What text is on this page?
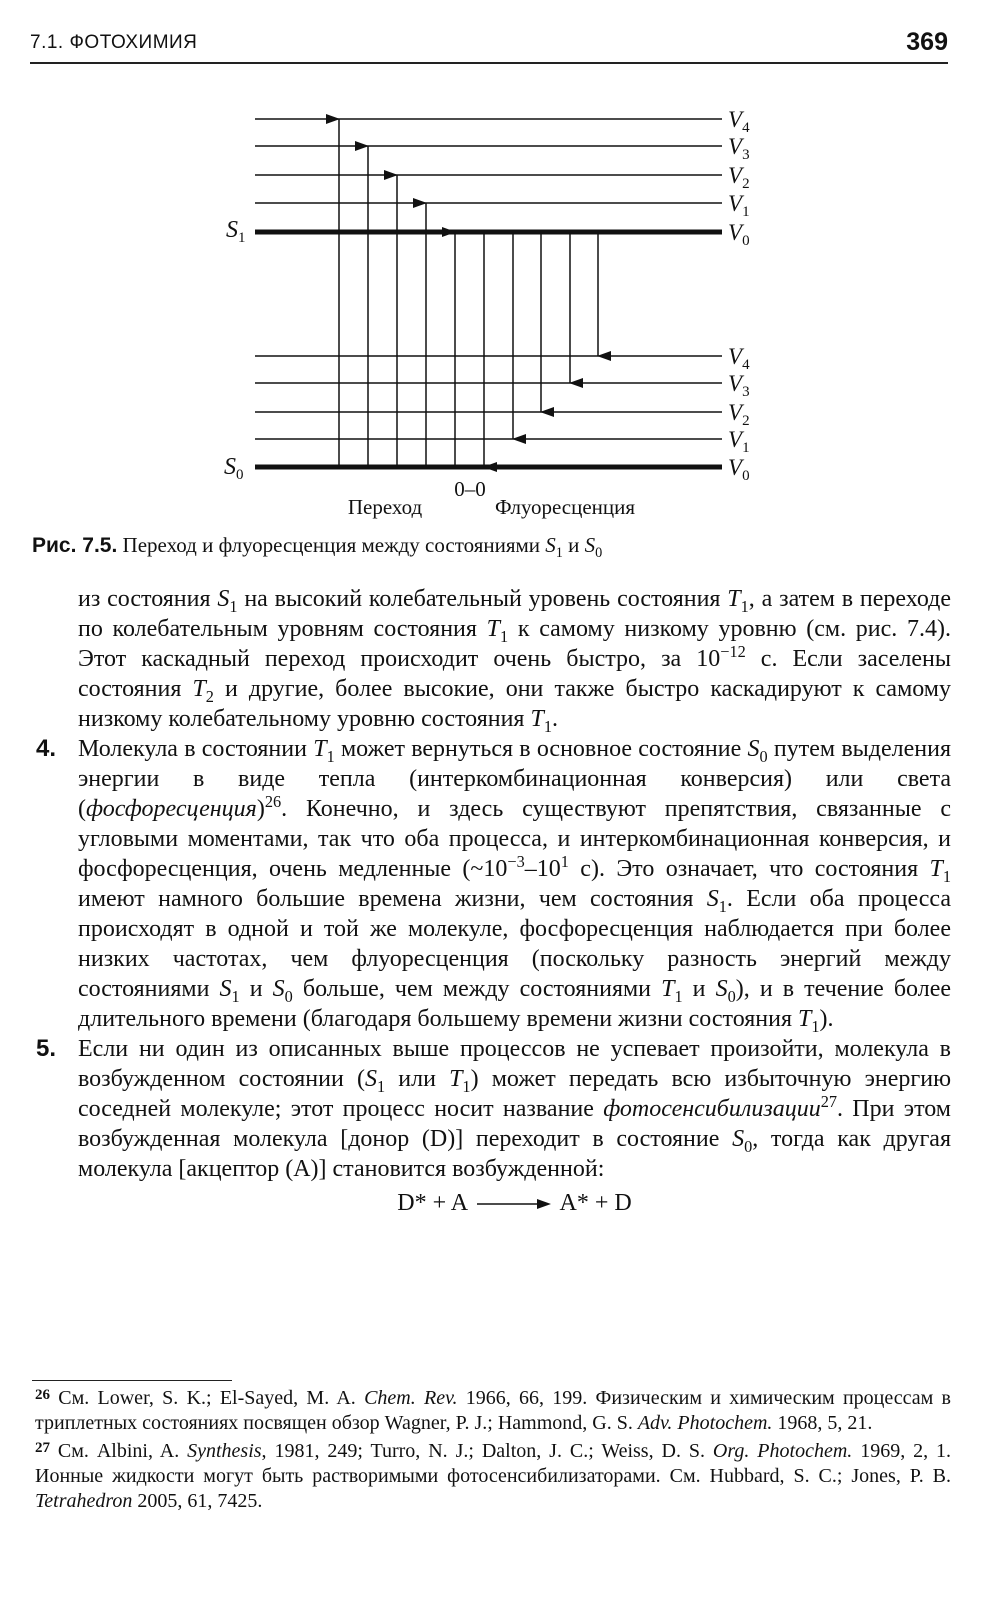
7.1. ФОТОХИМИЯ	369
$V_4$
$V_3$
$V_2$
$V_1$
$V_0$
$V_4$
$V_3$
$V_2$
$V_1$
$V_0$
$S_1$
$S_0$
0–0
Переход	Флуоресценция
Рис. 7.5. Переход и флуоресценция между состояниями $S_1$ и $S_0$

из состояния $S_1$ на высокий колебательный уровень состояния $T_1$, а затем в переходе по колебательным уровням состояния $T_1$ к самому низкому уровню (см. рис. 7.4). Этот каскадный переход происходит очень быстро, за $10^{-12}$ с. Если заселены состояния $T_2$ и другие, более высокие, они также быстро каскадируют к самому низкому колебательному уровню состояния $T_1$.

4. Молекула в состоянии $T_1$ может вернуться в основное состояние $S_0$ путем выделения энергии в виде тепла (интеркомбинационная конверсия) или света (фосфоресценция)$^{26}$. Конечно, и здесь существуют препятствия, связанные с угловыми моментами, так что оба процесса, и интеркомбинационная конверсия, и фосфоресценция, очень медленные ($\sim 10^{-3}-10^1$ с). Это означает, что состояния $T_1$ имеют намного большие времена жизни, чем состояния $S_1$. Если оба процесса происходят в одной и той же молекуле, фосфоресценция наблюдается при более низких частотах, чем флуоресценция (поскольку разность энергий между состояниями $S_1$ и $S_0$ больше, чем между состояниями $T_1$ и $S_0$), и в течение более длительного времени (благодаря большему времени жизни состояния $T_1$).

5. Если ни один из описанных выше процессов не успевает произойти, молекула в возбужденном состоянии ($S_1$ или $T_1$) может передать всю избыточную энергию соседней молекуле; этот процесс носит название фотосенсибилизации$^{27}$. При этом возбужденная молекула [донор (D)] переходит в состояние $S_0$, тогда как другая молекула [акцептор (А)] становится возбужденной:

D* + A → A* + D

$^{26}$ См. Lower, S. K.; El-Sayed, M. A. Chem. Rev. 1966, 66, 199. Физическим и химическим процессам в триплетных состояниях посвящен обзор Wagner, P. J.; Hammond, G. S. Adv. Photochem. 1968, 5, 21.

$^{27}$ См. Albini, A. Synthesis, 1981, 249; Turro, N. J.; Dalton, J. C.; Weiss, D. S. Org. Photochem. 1969, 2, 1. Ионные жидкости могут быть растворимыми фотосенсибилизаторами. См. Hubbard, S. C.; Jones, P. B. Tetrahedron 2005, 61, 7425.
